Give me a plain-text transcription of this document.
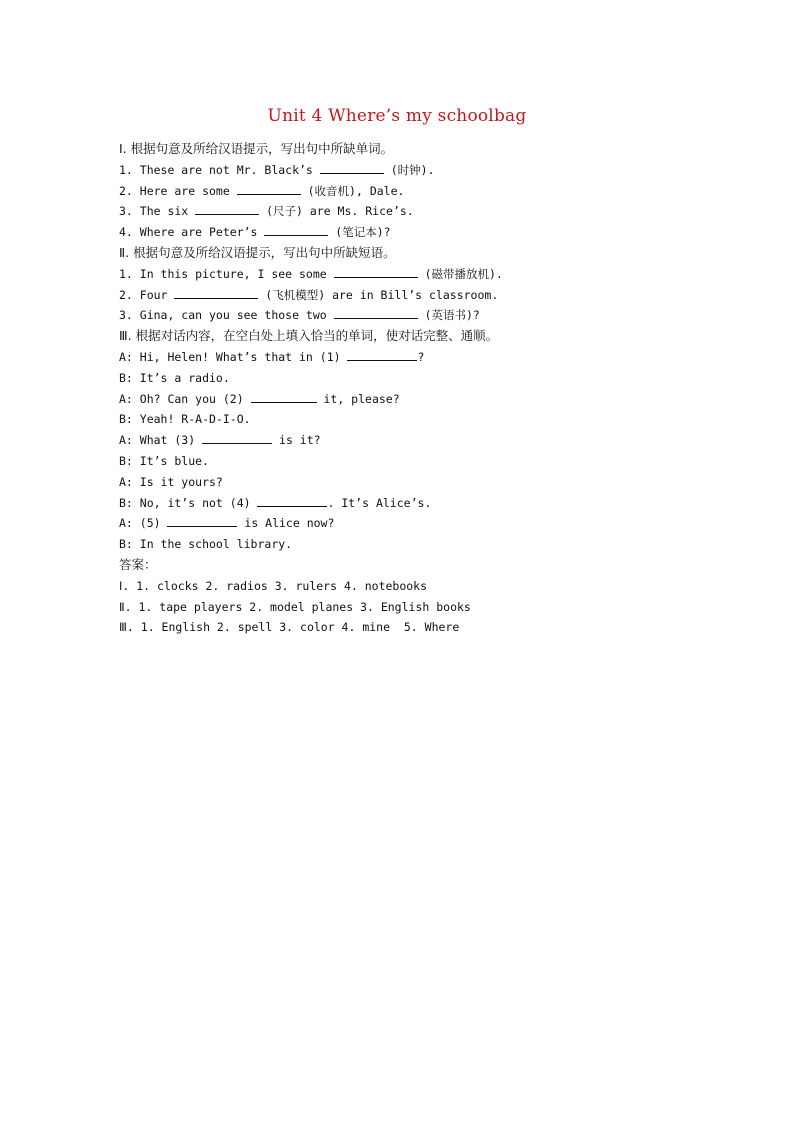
Unit 4 Where’s my schoolbag
Ⅰ. 根据句意及所给汉语提示，写出句中所缺单词。
1. These are not Mr. Black’s	(时钟).
2. Here are some	(收音机), Dale.
3. The six	(尺子) are Ms. Rice’s.
4. Where are Peter’s	(笔记本)?
Ⅱ. 根据句意及所给汉语提示，写出句中所缺短语。
1. In this picture, I see some	(磁带播放机).
2. Four	(飞机模型) are in Bill’s classroom.
3. Gina, can you see those two	(英语书)?
Ⅲ. 根据对话内容，在空白处上填入恰当的单词，使对话完整、通顺。
A: Hi, Helen! What’s that in (1)	?
B: It’s a radio.
A: Oh? Can you (2)	it, please?
B: Yeah! R-A-D-I-O.
A: What (3)	is it?
B: It’s blue.
A: Is it yours?
B: No, it’s not (4)	. It’s Alice’s.
A: (5)	is Alice now?
B: In the school library.
答案：
Ⅰ. 1. clocks 2. radios 3. rulers 4. notebooks
Ⅱ. 1. tape players 2. model planes 3. English books
Ⅲ. 1. English 2. spell 3. color 4. mine  5. Where
